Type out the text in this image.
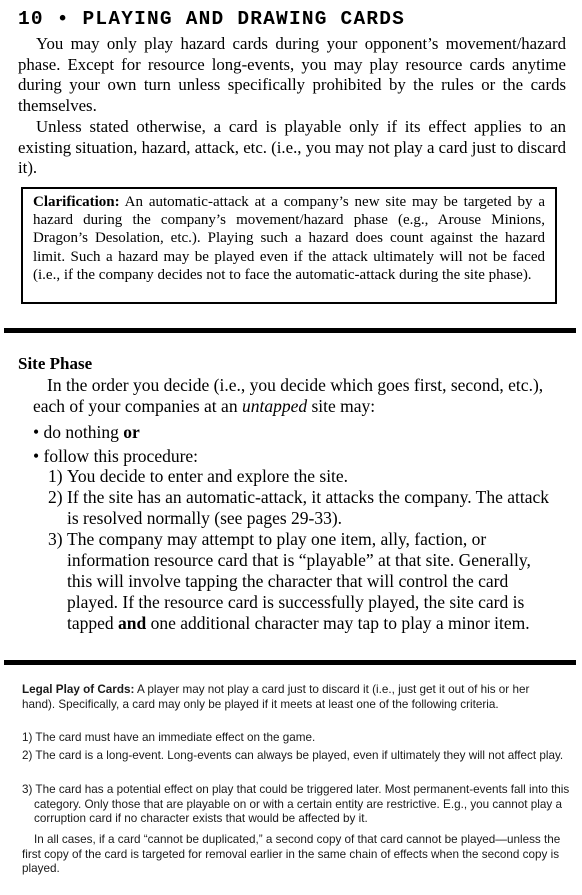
10 • PLAYING AND DRAWING CARDS

You may only play hazard cards during your opponent’s movement/hazard phase. Except for resource long-events, you may play resource cards anytime during your own turn unless specifically prohibited by the rules or the cards themselves.

Unless stated otherwise, a card is playable only if its effect applies to an existing situation, hazard, attack, etc. (i.e., you may not play a card just to discard it).

Clarification: An automatic-attack at a company’s new site may be targeted by a hazard during the company’s movement/hazard phase (e.g., Arouse Minions, Dragon’s Desolation, etc.). Playing such a hazard does count against the hazard limit. Such a hazard may be played even if the attack ultimately will not be faced (i.e., if the company decides not to face the automatic-attack during the site phase).

Site Phase

In the order you decide (i.e., you decide which goes first, second, etc.), each of your companies at an untapped site may:

• do nothing or
• follow this procedure:
1) You decide to enter and explore the site.
2) If the site has an automatic-attack, it attacks the company. The attack is resolved normally (see pages 29-33).
3) The company may attempt to play one item, ally, faction, or information resource card that is “playable” at that site. Generally, this will involve tapping the character that will control the card played. If the resource card is successfully played, the site card is tapped and one additional character may tap to play a minor item.

Legal Play of Cards: A player may not play a card just to discard it (i.e., just get it out of his or her hand). Specifically, a card may only be played if it meets at least one of the following criteria.

1) The card must have an immediate effect on the game.

2) The card is a long-event. Long-events can always be played, even if ultimately they will not affect play.

3) The card has a potential effect on play that could be triggered later. Most permanent-events fall into this category. Only those that are playable on or with a certain entity are restrictive. E.g., you cannot play a corruption card if no character exists that would be affected by it.

In all cases, if a card “cannot be duplicated,” a second copy of that card cannot be played—unless the first copy of the card is targeted for removal earlier in the same chain of effects when the second copy is played.
